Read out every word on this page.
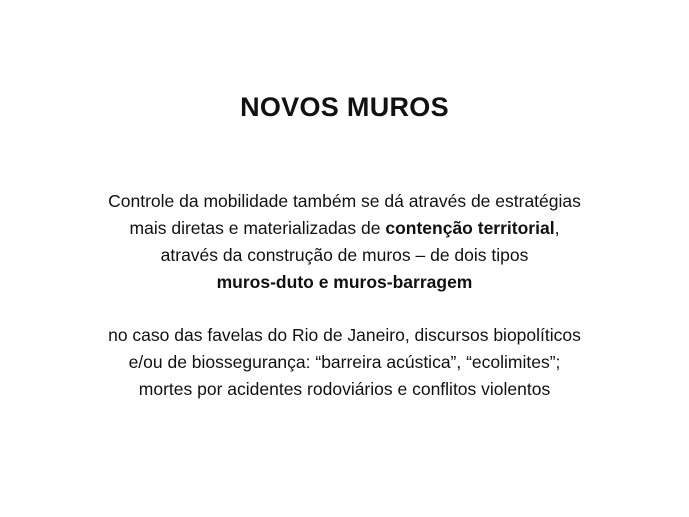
NOVOS MUROS
Controle da mobilidade também se dá através de estratégias
mais diretas e materializadas de contenção territorial,
através da construção de muros – de dois tipos
muros-duto e muros-barragem
no caso das favelas do Rio de Janeiro, discursos biopolíticos
e/ou de biossegurança: “barreira acústica”, “ecolimites”;
mortes por acidentes rodoviários e conflitos violentos
